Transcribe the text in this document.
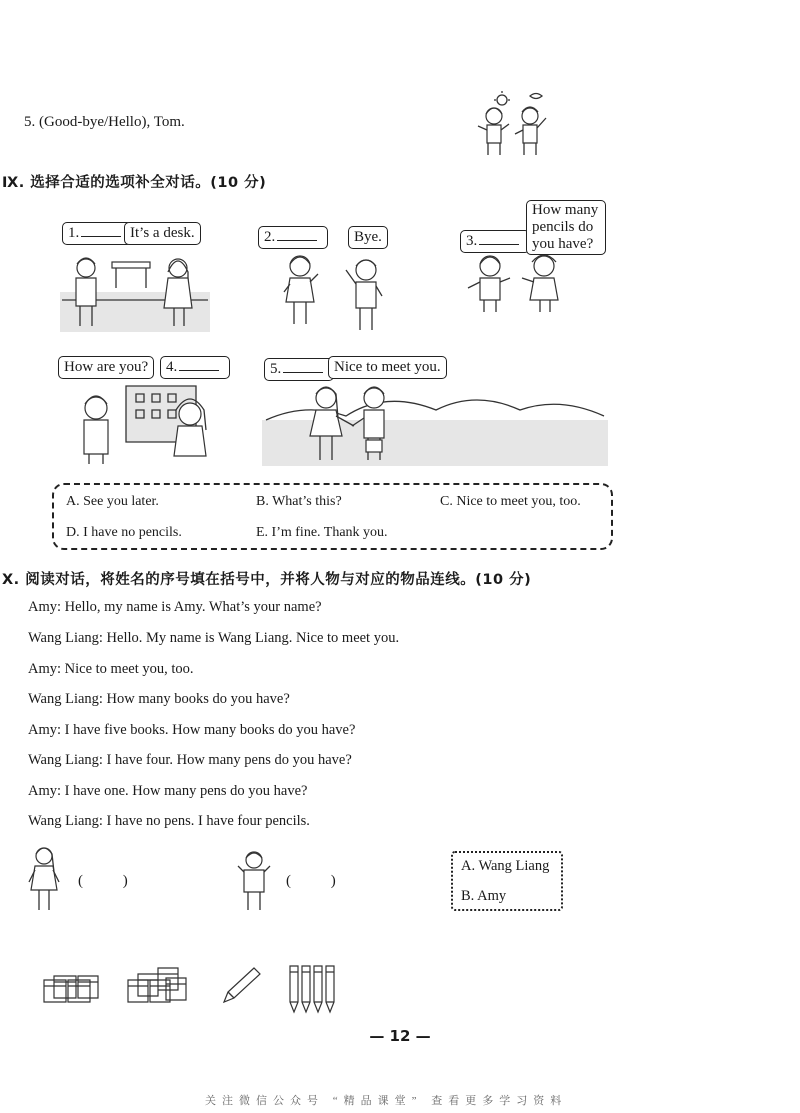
5. (Good-bye/Hello), Tom.
Ⅸ. 选择合适的选项补全对话。(10 分)
1.	It’s a desk.	2.	Bye.	3.
How many pencils do you have?
How are you?	4.	5.	Nice to meet you.
A. See you later.	B. What’s this?	C. Nice to meet you, too.
D. I have no pencils.	E. I’m fine. Thank you.
Ⅹ. 阅读对话，将姓名的序号填在括号中，并将人物与对应的物品连线。(10 分)
Amy: Hello, my name is Amy. What’s your name?
Wang Liang: Hello. My name is Wang Liang. Nice to meet you.
Amy: Nice to meet you, too.
Wang Liang: How many books do you have?
Amy: I have five books. How many books do you have?
Wang Liang: I have four. How many pens do you have?
Amy: I have one. How many pens do you have?
Wang Liang: I have no pens. I have four pencils.
( )	( )
A. Wang Liang
B. Amy
— 12 —
关注微信公众号 “精品课堂” 查看更多学习资料
